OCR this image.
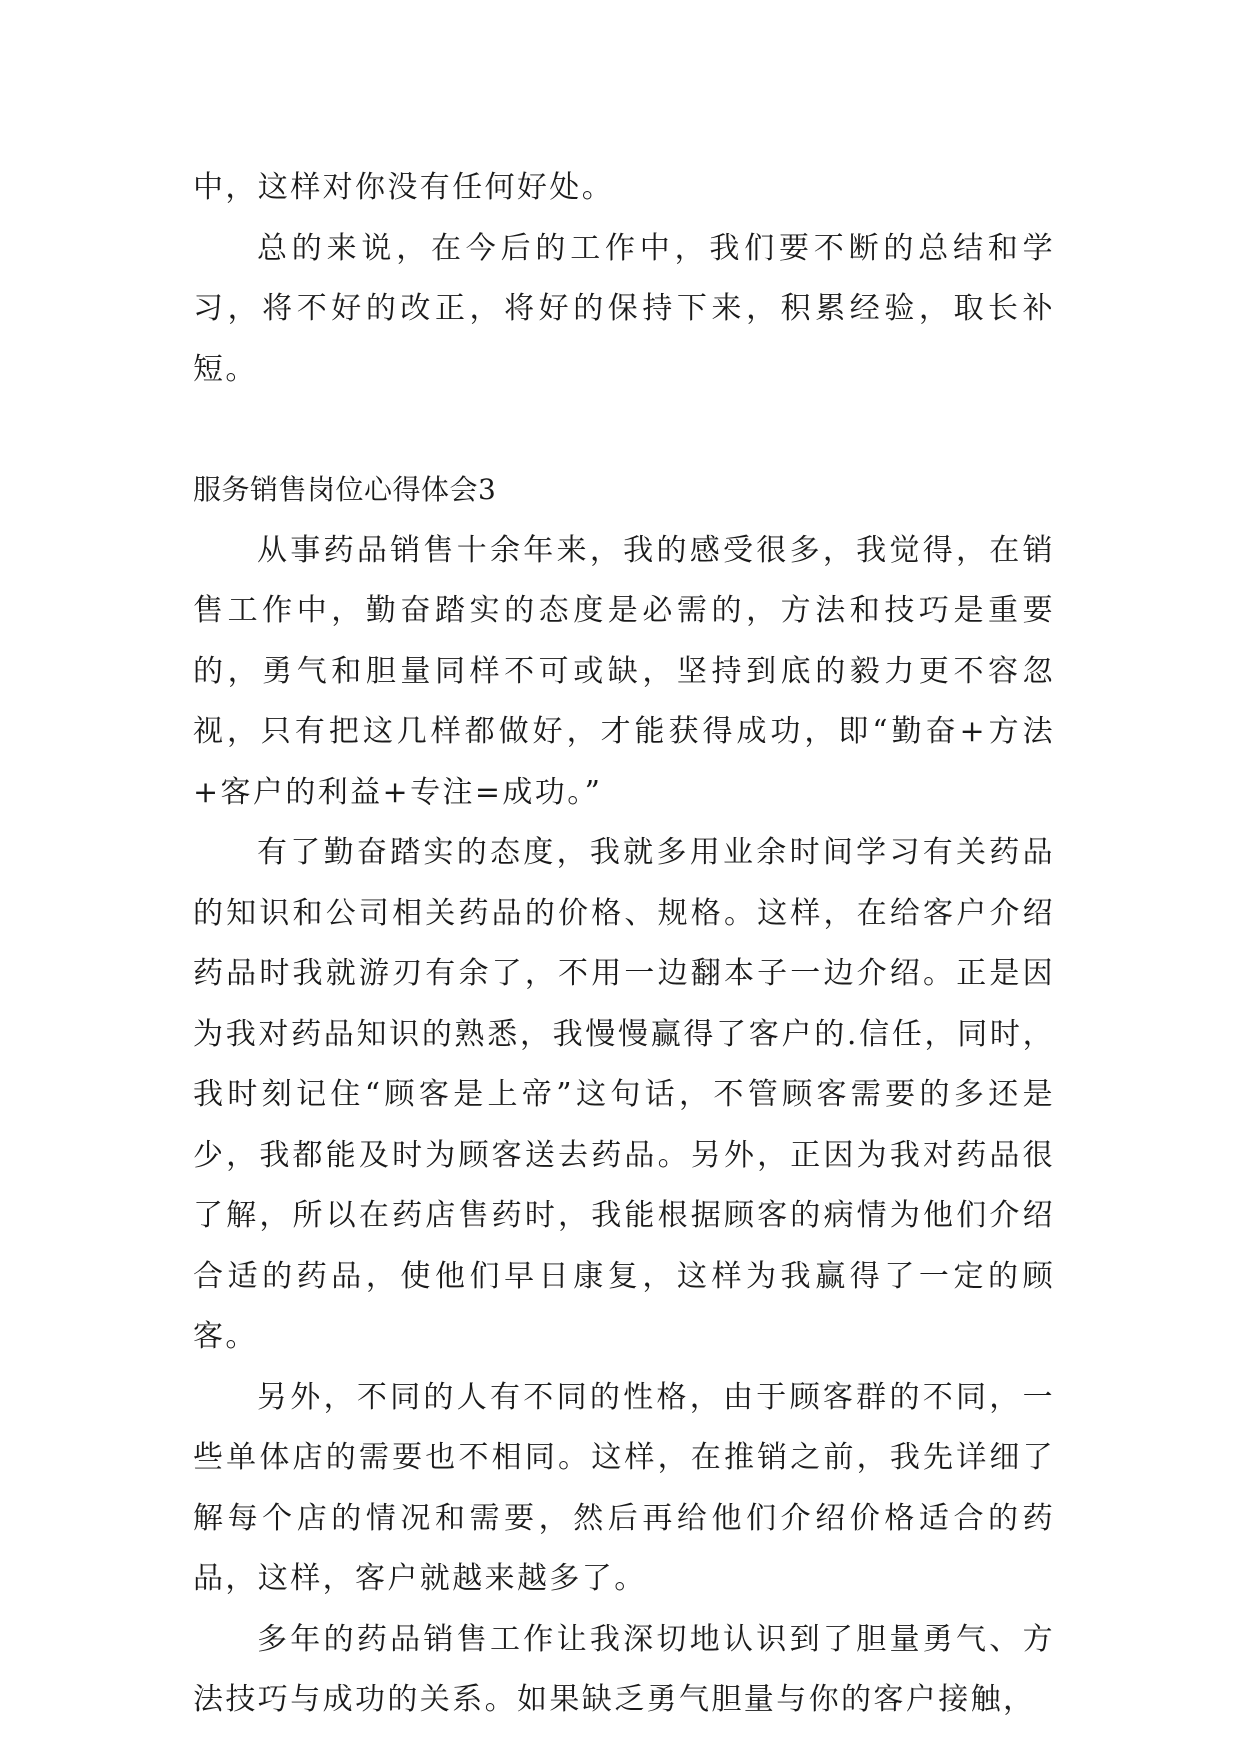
中，这样对你没有任何好处。

总的来说，在今后的工作中，我们要不断的总结和学习，将不好的改正，将好的保持下来，积累经验，取长补短。

服务销售岗位心得体会3

从事药品销售十余年来，我的感受很多，我觉得，在销售工作中，勤奋踏实的态度是必需的，方法和技巧是重要的，勇气和胆量同样不可或缺，坚持到底的毅力更不容忽视，只有把这几样都做好，才能获得成功，即“勤奋+方法+客户的利益+专注=成功。”

有了勤奋踏实的态度，我就多用业余时间学习有关药品的知识和公司相关药品的价格、规格。这样，在给客户介绍药品时我就游刃有余了，不用一边翻本子一边介绍。正是因为我对药品知识的熟悉，我慢慢赢得了客户的.信任，同时，我时刻记住“顾客是上帝”这句话，不管顾客需要的多还是少，我都能及时为顾客送去药品。另外，正因为我对药品很了解，所以在药店售药时，我能根据顾客的病情为他们介绍合适的药品，使他们早日康复，这样为我赢得了一定的顾客。

另外，不同的人有不同的性格，由于顾客群的不同，一些单体店的需要也不相同。这样，在推销之前，我先详细了解每个店的情况和需要，然后再给他们介绍价格适合的药品，这样，客户就越来越多了。

多年的药品销售工作让我深切地认识到了胆量勇气、方法技巧与成功的关系。如果缺乏勇气胆量与你的客户接触，
